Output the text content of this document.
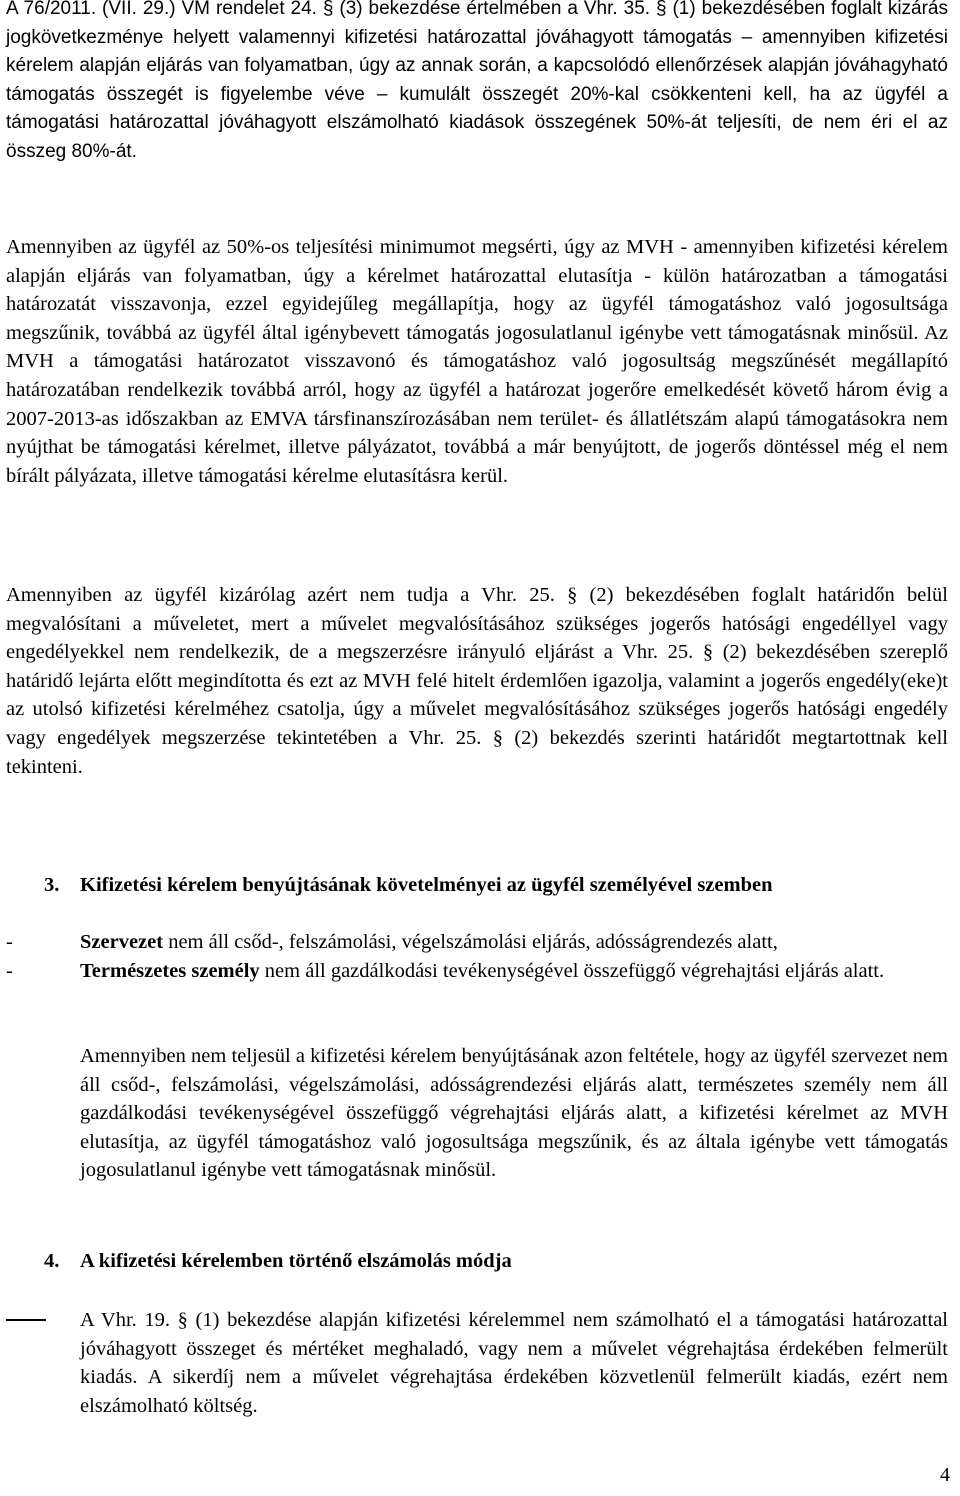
A 76/2011. (VII. 29.) VM rendelet 24. § (3) bekezdése értelmében a Vhr. 35. § (1) bekezdésében foglalt kizárás jogkövetkezménye helyett valamennyi kifizetési határozattal jóváhagyott támogatás – amennyiben kifizetési kérelem alapján eljárás van folyamatban, úgy az annak során, a kapcsolódó ellenőrzések alapján jóváhagyható támogatás összegét is figyelembe véve – kumulált összegét 20%-kal csökkenteni kell, ha az ügyfél a támogatási határozattal jóváhagyott elszámolható kiadások összegének 50%-át teljesíti, de nem éri el az összeg 80%-át.

Amennyiben az ügyfél az 50%-os teljesítési minimumot megsérti, úgy az MVH - amennyiben kifizetési kérelem alapján eljárás van folyamatban, úgy a kérelmet határozattal elutasítja - külön határozatban a támogatási határozatát visszavonja, ezzel egyidejűleg megállapítja, hogy az ügyfél támogatáshoz való jogosultsága megszűnik, továbbá az ügyfél által igénybevett támogatás jogosulatlanul igénybe vett támogatásnak minősül. Az MVH a támogatási határozatot visszavonó és támogatáshoz való jogosultság megszűnését megállapító határozatában rendelkezik továbbá arról, hogy az ügyfél a határozat jogerőre emelkedését követő három évig a 2007-2013-as időszakban az EMVA társfinanszírozásában nem terület- és állatlétszám alapú támogatásokra nem nyújthat be támogatási kérelmet, illetve pályázatot, továbbá a már benyújtott, de jogerős döntéssel még el nem bírált pályázata, illetve támogatási kérelme elutasításra kerül.

Amennyiben az ügyfél kizárólag azért nem tudja a Vhr. 25. § (2) bekezdésében foglalt határidőn belül megvalósítani a műveletet, mert a művelet megvalósításához szükséges jogerős hatósági engedéllyel vagy engedélyekkel nem rendelkezik, de a megszerzésre irányuló eljárást a Vhr. 25. § (2) bekezdésében szereplő határidő lejárta előtt megindította és ezt az MVH felé hitelt érdemlően igazolja, valamint a jogerős engedély(eke)t az utolsó kifizetési kérelméhez csatolja, úgy a művelet megvalósításához szükséges jogerős hatósági engedély vagy engedélyek megszerzése tekintetében a Vhr. 25. § (2) bekezdés szerinti határidőt megtartottnak kell tekinteni.

3. Kifizetési kérelem benyújtásának követelményei az ügyfél személyével szemben
-	Szervezet nem áll csőd-, felszámolási, végelszámolási eljárás, adósságrendezés alatt,
-	Természetes személy nem áll gazdálkodási tevékenységével összefüggő végrehajtási eljárás alatt.

Amennyiben nem teljesül a kifizetési kérelem benyújtásának azon feltétele, hogy az ügyfél szervezet nem áll csőd-, felszámolási, végelszámolási, adósságrendezési eljárás alatt, természetes személy nem áll gazdálkodási tevékenységével összefüggő végrehajtási eljárás alatt, a kifizetési kérelmet az MVH elutasítja, az ügyfél támogatáshoz való jogosultsága megszűnik, és az általa igénybe vett támogatás jogosulatlanul igénybe vett támogatásnak minősül.

4. A kifizetési kérelemben történő elszámolás módja
A Vhr. 19. § (1) bekezdése alapján kifizetési kérelemmel nem számolható el a támogatási határozattal jóváhagyott összeget és mértéket meghaladó, vagy nem a művelet végrehajtása érdekében felmerült kiadás. A sikerdíj nem a művelet végrehajtása érdekében közvetlenül felmerült kiadás, ezért nem elszámolható költség.
4
